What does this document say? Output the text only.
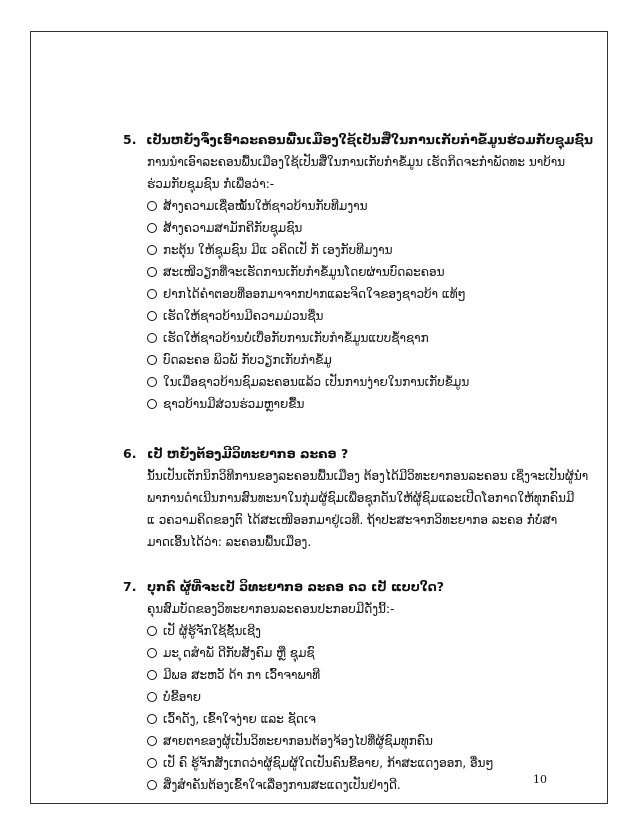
5. ເປັນຫຍັງຈຶ່ງເອົາລະຄອນພື້ນເມືອງໃຊ້ເປັນສື່ໃນການເກັບກຳຂໍ້ມູນຮ່ວມກັບຊຸມຊົນ
ການນຳເອົາລະຄອນພື້ນເມືອງໃຊ້ເປັນສື່ໃນການເກັບກຳຂໍ້ມູນ ເຮັດກິດຈະກຳພັດທະ ນາບ້ານ
ຮ່ວມກັບຊຸມຊົນ ກໍ່ເພື່ອວ່າ:-
ສ້າງຄວາມເຊື່ອໝັ້ນໃຫ້ຊາວບ້ານກັບທີມງານ
ສ້າງຄວາມສາມັກຄີກັບຊຸມຊົນ
ກະຕຸ້ນ ໃຫ້ຊຸມຊົນ ມີແ ວຄິດເປັ ກັ ເອງກັບທີມງານ
ສະເໜີວຽກທີ່ຈະເຮັດການເກັບກຳຂໍ້ມູນໂດຍຜ່ານບົດລະຄອນ
ຢາກໄດ້ຄຳຕອບທີ່ອອກມາຈາກປາກແລະຈິດໃຈຂອງຊາວບ້າ ແທ້ໆ
ເຮັດໃຫ້ຊາວບ້ານມີຄວາມມ່ວນຊື່ນ
ເຮັດໃຫ້ຊາວບ້ານບໍ່ເບື່ອກັບການເກັບກຳຂໍ້ມູນແບບຊໍ້າຊາກ
ບົດລະຄອ ພິວພັ ກັບວຽກເກັບກຳຂໍ້ມູ
ໃນເມື່ອຊາວບ້ານຊົມລະຄອນແລ້ວ ເປັນການງ່າຍໃນການເກັບຂໍ້ມູນ
ຊາວບ້ານມີສ່ວນຮ່ວມຫຼາຍຂື້ນ
6. ເປັ ຫຍັງຕ້ອງມີວິທະຍາກອ ລະຄອ ?
ນັ້ນເປັນເຕັກນິກວິທີການຂອງລະຄອນພື້ນເມືອງ ຕ້ອງໄດ້ມີວິທະຍາກອນລະຄອນ ເຊິ່ງຈະເປັນຜູ້ນຳ
ພາການດຳເນີນການສົນທະນາໃນກຸ່ມຜູ້ຊົມເພື່ອຊຸກດັນໃຫ້ຜູ້ຊົມແລະເປີດໂອກາດໃຫ້ທຸກຄົນມີ
ແ ວຄວາມຄິດຂອງຕົ ໄດ້ສະເໜີອອກມາຢູ່ເວທີ. ຖ້າປະສະຈາກວິທະຍາກອ ລະຄອ ກໍ່ບໍ່ສາ
ມາດເອີ້ນໄດ້ວ່າ: ລະຄອນພື້ນເມືອງ.
7. ບຸກຄົ ຜູ້ທີ່ຈະເປັ ວິທະຍາກອ ລະຄອ ຄວ ເປັ ແບບໃດ?
ຄຸນສົມບັດຂອງວິທະຍາກອນລະຄອນປະກອບມີດັ່ງນີ້:-
ເປັ ຜູ້ຮູ້ຈັກໃຊ້ຊັ້ນເຊີງ
ມະ ຸດສຳພັ ດີກັບສັງຄົມ ຫຼື ຊຸມຊົ
ມີພອ ສະຫວັ ດ້າ ກາ ເວົ້າຈາພາທີ
ບໍ່ຂີ້ອາຍ
ເວົ້າດັງ, ເຂົ້າໃຈງ່າຍ ແລະ ຊັດເຈ
ສາຍຕາຂອງຜູ້ເປັນວິທະຍາກອນຕ້ອງຈ້ອງໄປທີ່ຜູ້ຊົມທຸກຄົນ
ເປັ ຄົ ຮູ້ຈັກສັງເກດວ່າຜູ້ຊົມຜູ້ໃດເປັນຄົນຂີ້ອາຍ, ກ້າສະແດງອອກ, ອື່ນໆ
ສິ່ງສຳຄັນຕ້ອງເຂົ້າໃຈເລື່ອງການສະແດງເປັນຢ່າງດີ.	10
